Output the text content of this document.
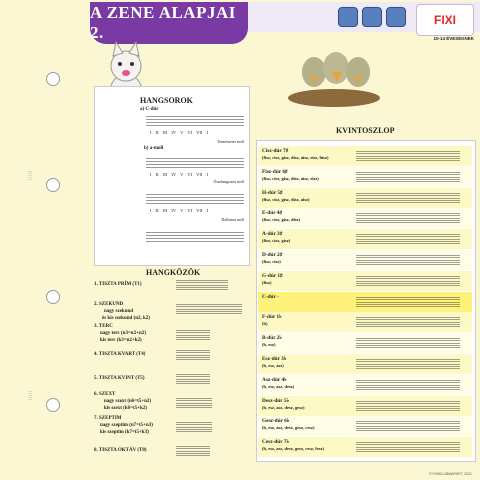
A ZENE ALAPJAI 2.
FIXI
10-14 ÉVESEKNEK
│││││
│││││
HANGSOROK
a) C-dúr
I II III IV V VI VII I
b) a-moll
Természetes moll
I II III IV V VI VII I
Összhangzatos moll
I II III IV V VI VII I
Dallamos moll
HANGKÖZÖK
1. TISZTA PRÍM (T1)
2. SZEKUND
nagy szekund
és kis szekund (n2, k2)
3. TERC
nagy terc (n3=n2+n2)
kis terc (k3=n2+k2)
4. TISZTA KVART (T4)
5. TISZTA KVINT (T5)
6. SZEXT
nagy szext (n6=t5+n2)
kis szext (k6=t5+k2)
7. SZEPTIM
nagy szeptim (n7=t5+n3)
kis szeptim (k7=t5+k3)
8. TISZTA OKTÁV (T8)
KVINTOSZLOP
Cisz-dúr 7♯
(fisz, cisz, gisz, disz, aisz, eisz, hisz)
Fisz-dúr 6♯
(fisz, cisz, gisz, disz, aisz, eisz)
H-dúr 5♯
(fisz, cisz, gisz, disz, aisz)
E-dúr 4♯
(fisz, cisz, gisz, disz)
A-dúr 3♯
(fisz, cisz, gisz)
D-dúr 2♯
(fisz, cisz)
G-dúr 1♯
(fisz)
C-dúr -
F-dúr 1♭
(b)
B-dúr 2♭
(b, esz)
Esz-dúr 3♭
(b, esz, asz)
Asz-dúr 4♭
(b, esz, asz, desz)
Desz-dúr 5♭
(b, esz, asz, desz, gesz)
Gesz-dúr 6♭
(b, esz, asz, desz, gesz, cesz)
Cesz-dúr 7♭
(b, esz, asz, desz, gesz, cesz, fesz)
© FIXIKLUBMARKET, 2021
